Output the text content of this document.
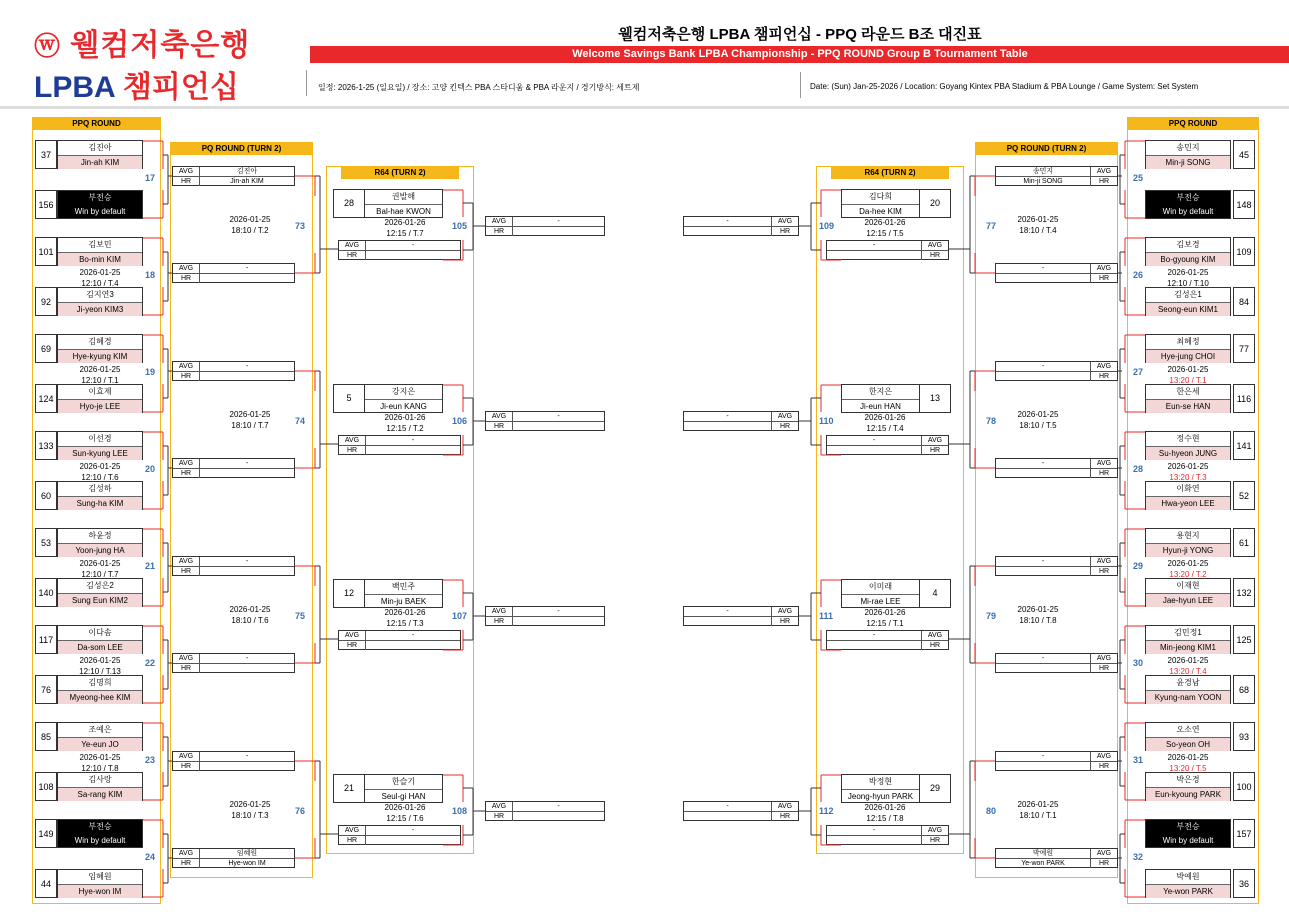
ⓦ 웰컴저축은행
LPBA 챔피언십
웰컴저축은행 LPBA 챔피언십 - PPQ 라운드 B조 대진표
Welcome Savings Bank LPBA Championship - PPQ ROUND Group B Tournament Table
일정: 2026-1-25 (일요일) / 장소: 고양 킨텍스 PBA 스타디움 & PBA 라운지 / 경기방식: 세트제	Date: (Sun) Jan-25-2026 / Location: Goyang Kintex PBA Stadium & PBA Lounge / Game System: Set System
PPQ ROUND
PQ ROUND (TURN 2)
R64 (TURN 2)	R64 (TURN 2)
PQ ROUND (TURN 2)
PPQ ROUND
37
김진아
Jin-ah KIM
156
부전승
Win by default
17
101
김보민
Bo-min KIM
92
김지연3
Ji-yeon KIM3
2026-01-25
12:10 / T.4
18
69
김혜경
Hye-kyung KIM
124
이효제
Hyo-je LEE
2026-01-25
12:10 / T.1
19
133
이선경
Sun-kyung LEE
60
김성하
Sung-ha KIM
2026-01-25
12:10 / T.6
20
53
하윤정
Yoon-jung HA
140
김성은2
Sung Eun KIM2
2026-01-25
12:10 / T.7
21
117
이다솜
Da-som LEE
76
김명희
Myeong-hee KIM
2026-01-25
12:10 / T.13
22
85
조예은
Ye-eun JO
108
김사랑
Sa-rang KIM
2026-01-25
12:10 / T.8
23
149
부전승
Win by default
44
임혜원
Hye-won IM
24
45
송민지
Min-ji SONG
148
부전승
Win by default
25
109
김보경
Bo-gyoung KIM
84
김성은1
Seong-eun KIM1
2026-01-25
12:10 / T.10
26
77
최혜정
Hye-jung CHOI
116
한은세
Eun-se HAN
2026-01-25
13:20 / T.1
27
141
정수현
Su-hyeon JUNG
52
이화연
Hwa-yeon LEE
2026-01-25
13:20 / T.3
28
61
용현지
Hyun-ji YONG
132
이재현
Jae-hyun LEE
2026-01-25
13:20 / T.2
29
125
김민정1
Min-jeong KIM1
68
윤경남
Kyung-nam YOON
2026-01-25
13:20 / T.4
30
93
오소연
So-yeon OH
100
박은경
Eun-kyoung PARK
2026-01-25
13:20 / T.5
31
157
부전승
Win by default
36
박예원
Ye-won PARK
32
AVG	김진아
HR	Jin-ah KIM
AVG	-
HR
2026-01-25
18:10 / T.2	73
AVG	-
HR
AVG	-
HR
2026-01-25
18:10 / T.7	74
AVG	-
HR
AVG	-
HR
2026-01-25
18:10 / T.6	75
AVG	-
HR
AVG	임혜원
HR	Hye-won IM
2026-01-25
18:10 / T.3	76
송민지	AVG
Min-ji SONG	HR
-	AVG
HR
2026-01-25
18:10 / T.4
77
-	AVG
HR
-	AVG
HR
2026-01-25
18:10 / T.5
78
-	AVG
HR
-	AVG
HR
2026-01-25
18:10 / T.8
79
-	AVG
HR
박예원	AVG
Ye-won PARK	HR
2026-01-25
18:10 / T.1
80
28
권발해
Bal-hae KWON
2026-01-26
12:15 / T.7
AVG	-
HR
105	AVG	-
HR
5
강지은
Ji-eun KANG
2026-01-26
12:15 / T.2
AVG	-
HR
106	AVG	-
HR
12
백민주
Min-ju BAEK
2026-01-26
12:15 / T.3
AVG	-
HR
107	AVG	-
HR
21
한슬기
Seul-gi HAN
2026-01-26
12:15 / T.6
AVG	-
HR
108	AVG	-
HR
20
김다희
Da-hee KIM
2026-01-26
12:15 / T.5
-	AVG
HR
109
-	AVG
HR
13
한지은
Ji-eun HAN
2026-01-26
12:15 / T.4
-	AVG
HR
110
-	AVG
HR
4
이미래
Mi-rae LEE
2026-01-26
12:15 / T.1
-	AVG
HR
111
-	AVG
HR
29
박정현
Jeong-hyun PARK
2026-01-26
12:15 / T.8
-	AVG
HR
112
-	AVG
HR
